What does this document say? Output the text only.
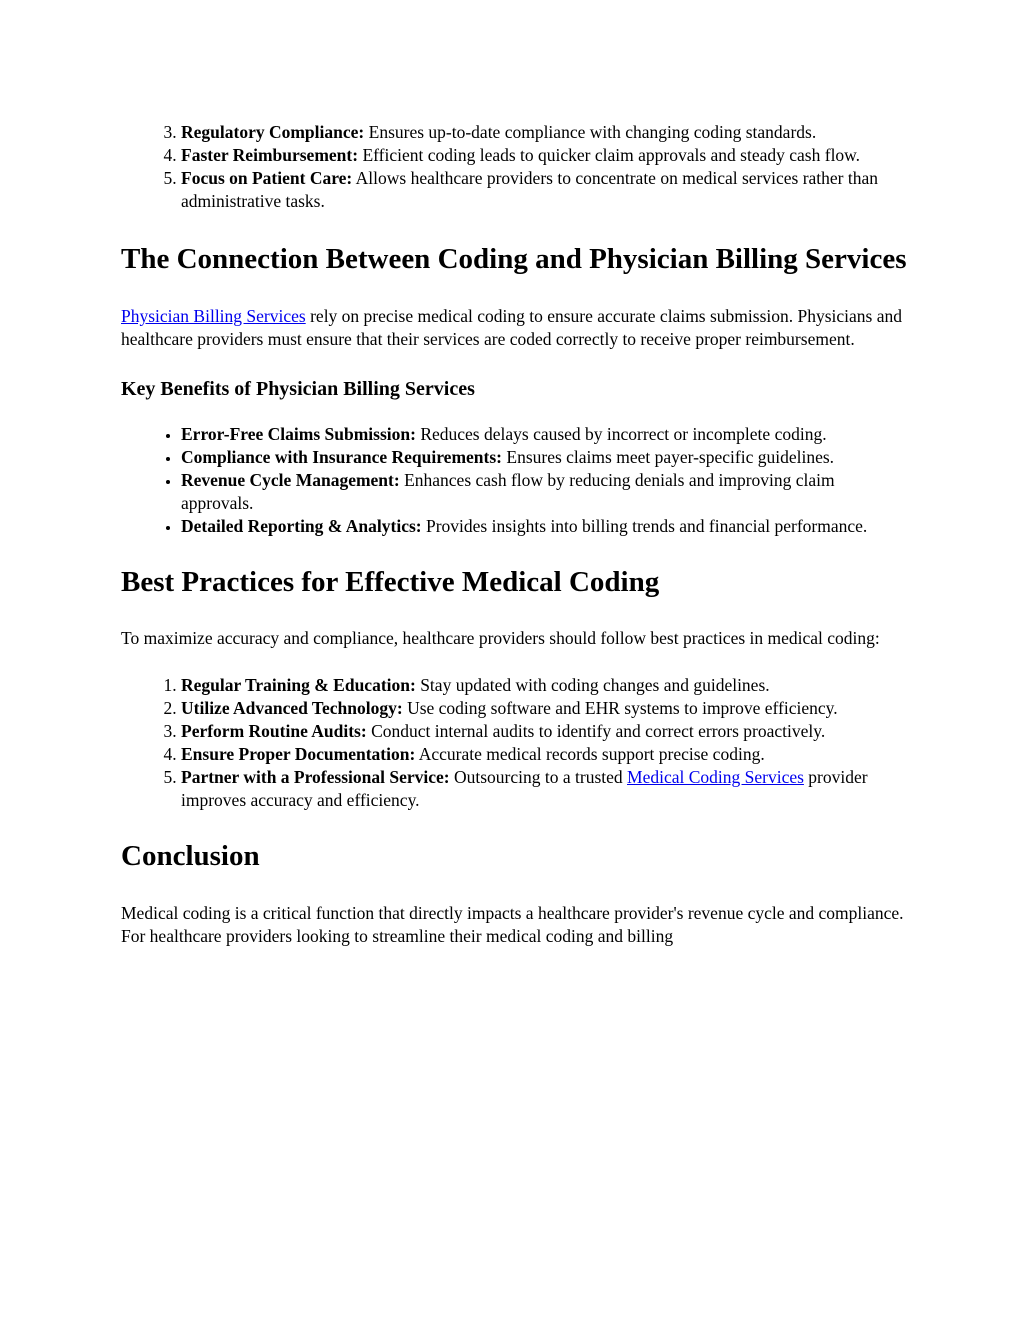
3. Regulatory Compliance: Ensures up-to-date compliance with changing coding standards.
4. Faster Reimbursement: Efficient coding leads to quicker claim approvals and steady cash flow.
5. Focus on Patient Care: Allows healthcare providers to concentrate on medical services rather than administrative tasks.
The Connection Between Coding and Physician Billing Services

Physician Billing Services rely on precise medical coding to ensure accurate claims submission. Physicians and healthcare providers must ensure that their services are coded correctly to receive proper reimbursement.

Key Benefits of Physician Billing Services
• Error-Free Claims Submission: Reduces delays caused by incorrect or incomplete coding.
• Compliance with Insurance Requirements: Ensures claims meet payer-specific guidelines.
• Revenue Cycle Management: Enhances cash flow by reducing denials and improving claim approvals.
• Detailed Reporting & Analytics: Provides insights into billing trends and financial performance.
Best Practices for Effective Medical Coding

To maximize accuracy and compliance, healthcare providers should follow best practices in medical coding:

1. Regular Training & Education: Stay updated with coding changes and guidelines.
2. Utilize Advanced Technology: Use coding software and EHR systems to improve efficiency.
3. Perform Routine Audits: Conduct internal audits to identify and correct errors proactively.
4. Ensure Proper Documentation: Accurate medical records support precise coding.
5. Partner with a Professional Service: Outsourcing to a trusted Medical Coding Services provider improves accuracy and efficiency.
Conclusion

Medical coding is a critical function that directly impacts a healthcare provider's revenue cycle and compliance. For healthcare providers looking to streamline their medical coding and billing
